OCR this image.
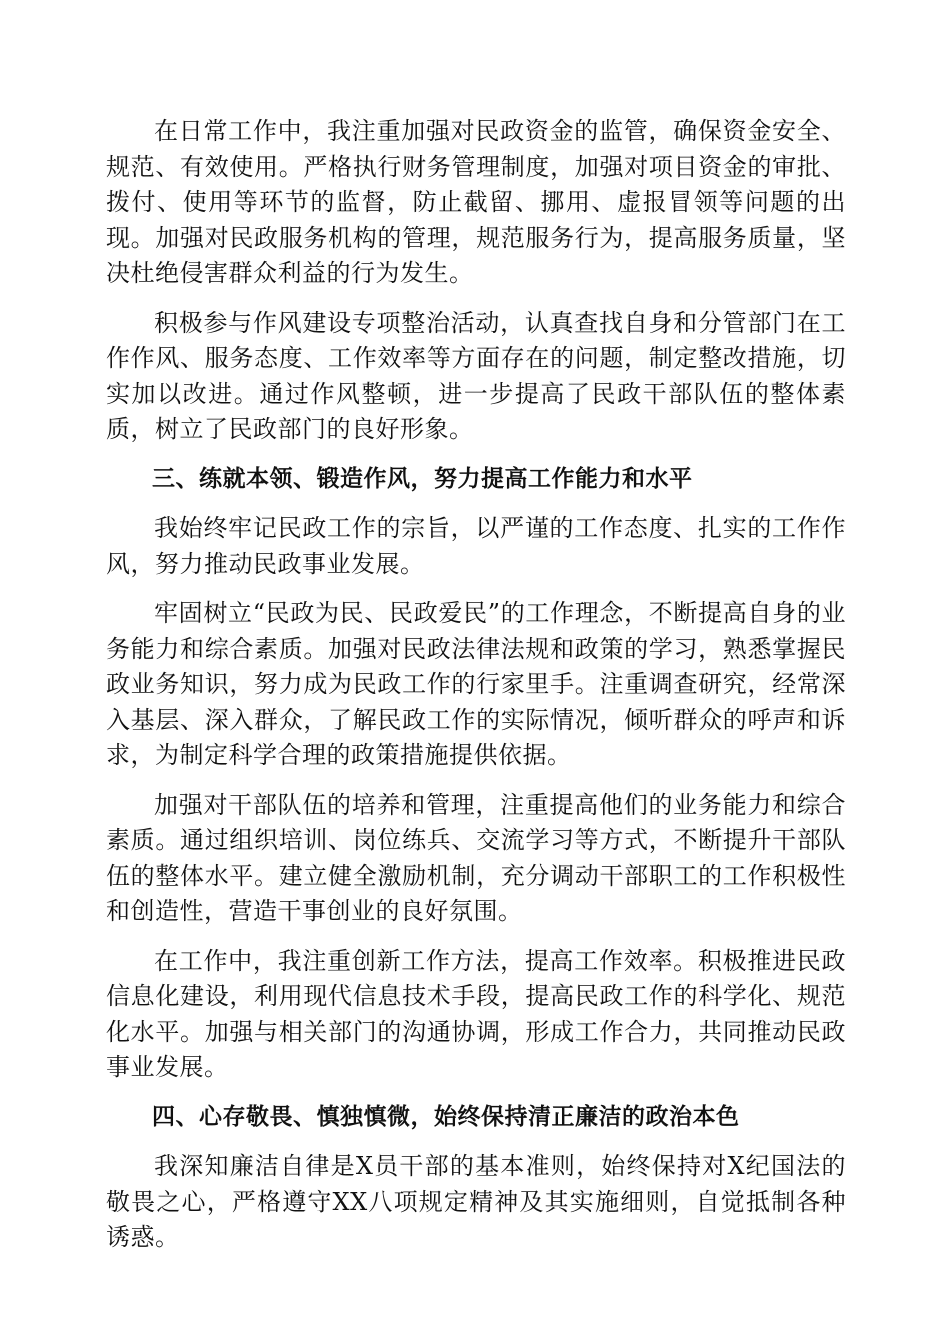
在日常工作中，我注重加强对民政资金的监管，确保资金安全、规范、有效使用。严格执行财务管理制度，加强对项目资金的审批、拨付、使用等环节的监督，防止截留、挪用、虚报冒领等问题的出现。加强对民政服务机构的管理，规范服务行为，提高服务质量，坚决杜绝侵害群众利益的行为发生。

积极参与作风建设专项整治活动，认真查找自身和分管部门在工作作风、服务态度、工作效率等方面存在的问题，制定整改措施，切实加以改进。通过作风整顿，进一步提高了民政干部队伍的整体素质，树立了民政部门的良好形象。

三、练就本领、锻造作风，努力提高工作能力和水平

我始终牢记民政工作的宗旨，以严谨的工作态度、扎实的工作作风，努力推动民政事业发展。

牢固树立“民政为民、民政爱民”的工作理念，不断提高自身的业务能力和综合素质。加强对民政法律法规和政策的学习，熟悉掌握民政业务知识，努力成为民政工作的行家里手。注重调查研究，经常深入基层、深入群众，了解民政工作的实际情况，倾听群众的呼声和诉求，为制定科学合理的政策措施提供依据。

加强对干部队伍的培养和管理，注重提高他们的业务能力和综合素质。通过组织培训、岗位练兵、交流学习等方式，不断提升干部队伍的整体水平。建立健全激励机制，充分调动干部职工的工作积极性和创造性，营造干事创业的良好氛围。

在工作中，我注重创新工作方法，提高工作效率。积极推进民政信息化建设，利用现代信息技术手段，提高民政工作的科学化、规范化水平。加强与相关部门的沟通协调，形成工作合力，共同推动民政事业发展。

四、心存敬畏、慎独慎微，始终保持清正廉洁的政治本色

我深知廉洁自律是X员干部的基本准则，始终保持对X纪国法的敬畏之心，严格遵守XX八项规定精神及其实施细则，自觉抵制各种诱惑。
